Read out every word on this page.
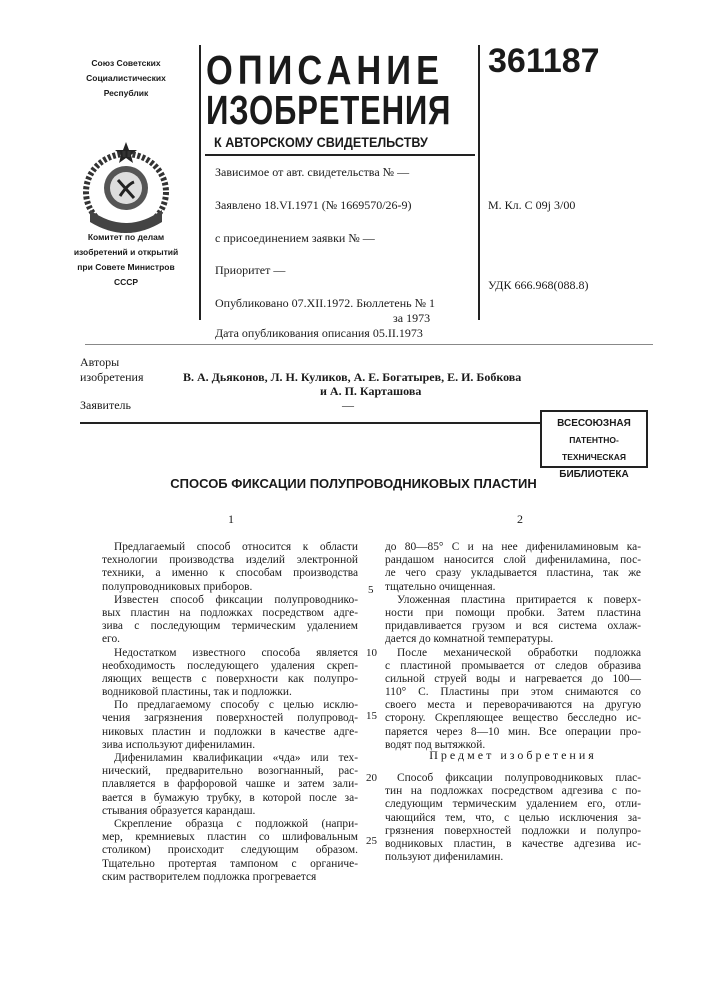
Союз Советских Социалистических Республик
Комитет по делам изобретений и открытий при Совете Министров СССР
ОПИСАНИЕ
ИЗОБРЕТЕНИЯ
К АВТОРСКОМУ СВИДЕТЕЛЬСТВУ
361187
Зависимое от авт. свидетельства № —
Заявлено 18.VI.1971 (№ 1669570/26-9)
с присоединением заявки № —
Приоритет —
Опубликовано 07.XII.1972. Бюллетень № 1
за 1973
Дата опубликования описания 05.II.1973
М. Кл. С 09j 3/00
УДК 666.968(088.8)
Авторы
изобретения	В. А. Дьяконов, Л. Н. Куликов, А. Е. Богатырев, Е. И. Бобкова
и А. П. Карташова
Заявитель	—
ВСЕСОЮЗНАЯ
ПАТЕНТНО-ТЕХНИЧЕСКАЯ
БИБЛИОТЕКА
СПОСОБ ФИКСАЦИИ ПОЛУПРОВОДНИКОВЫХ ПЛАСТИН
1	2
Предлагаемый способ относится к области
технологии производства изделий электронной
техники, а именно к способам производства
полупроводниковых приборов.
Известен способ фиксации полупроводнико-
вых пластин на подложках посредством адге-
зива с последующим термическим удалением
его.
Недостатком известного способа является
необходимость последующего удаления скреп-
ляющих веществ с поверхности как полупро-
водниковой пластины, так и подложки.
По предлагаемому способу с целью исклю-
чения загрязнения поверхностей полупровод-
никовых пластин и подложки в качестве адге-
зива используют дифениламин.
Дифениламин квалификации «чда» или тех-
нический, предварительно возогнанный, рас-
плавляется в фарфоровой чашке и затем зали-
вается в бумажую трубку, в которой после за-
стывания образуется карандаш.
Скрепление образца с подложкой (напри-
мер, кремниевых пластин со шлифовальным
столиком) происходит следующим образом.
Тщательно протертая тампоном с органиче-
ским растворителем подложка прогревается
до 80—85° С и на нее дифениламиновым ка-
рандашом наносится слой дифениламина, пос-
ле чего сразу укладывается пластина, так же
тщательно очищенная.
Уложенная пластина притирается к поверх-
ности при помощи пробки. Затем пластина
придавливается грузом и вся система охлаж-
дается до комнатной температуры.
После механической обработки подложка
с пластиной промывается от следов образива
сильной струей воды и нагревается до 100—
110° С. Пластины при этом снимаются со
своего места и переворачиваются на другую
сторону. Скрепляющее вещество бесследно ис-
паряется через 8—10 мин. Все операции про-
водят под вытяжкой.
5
10
15
20
25
Предмет изобретения
Способ фиксации полупроводниковых плас-
тин на подложках посредством адгезива с по-
следующим термическим удалением его, отли-
чающийся тем, что, с целью исключения за-
грязнения поверхностей подложки и полупро-
водниковых пластин, в качестве адгезива ис-
пользуют дифениламин.
